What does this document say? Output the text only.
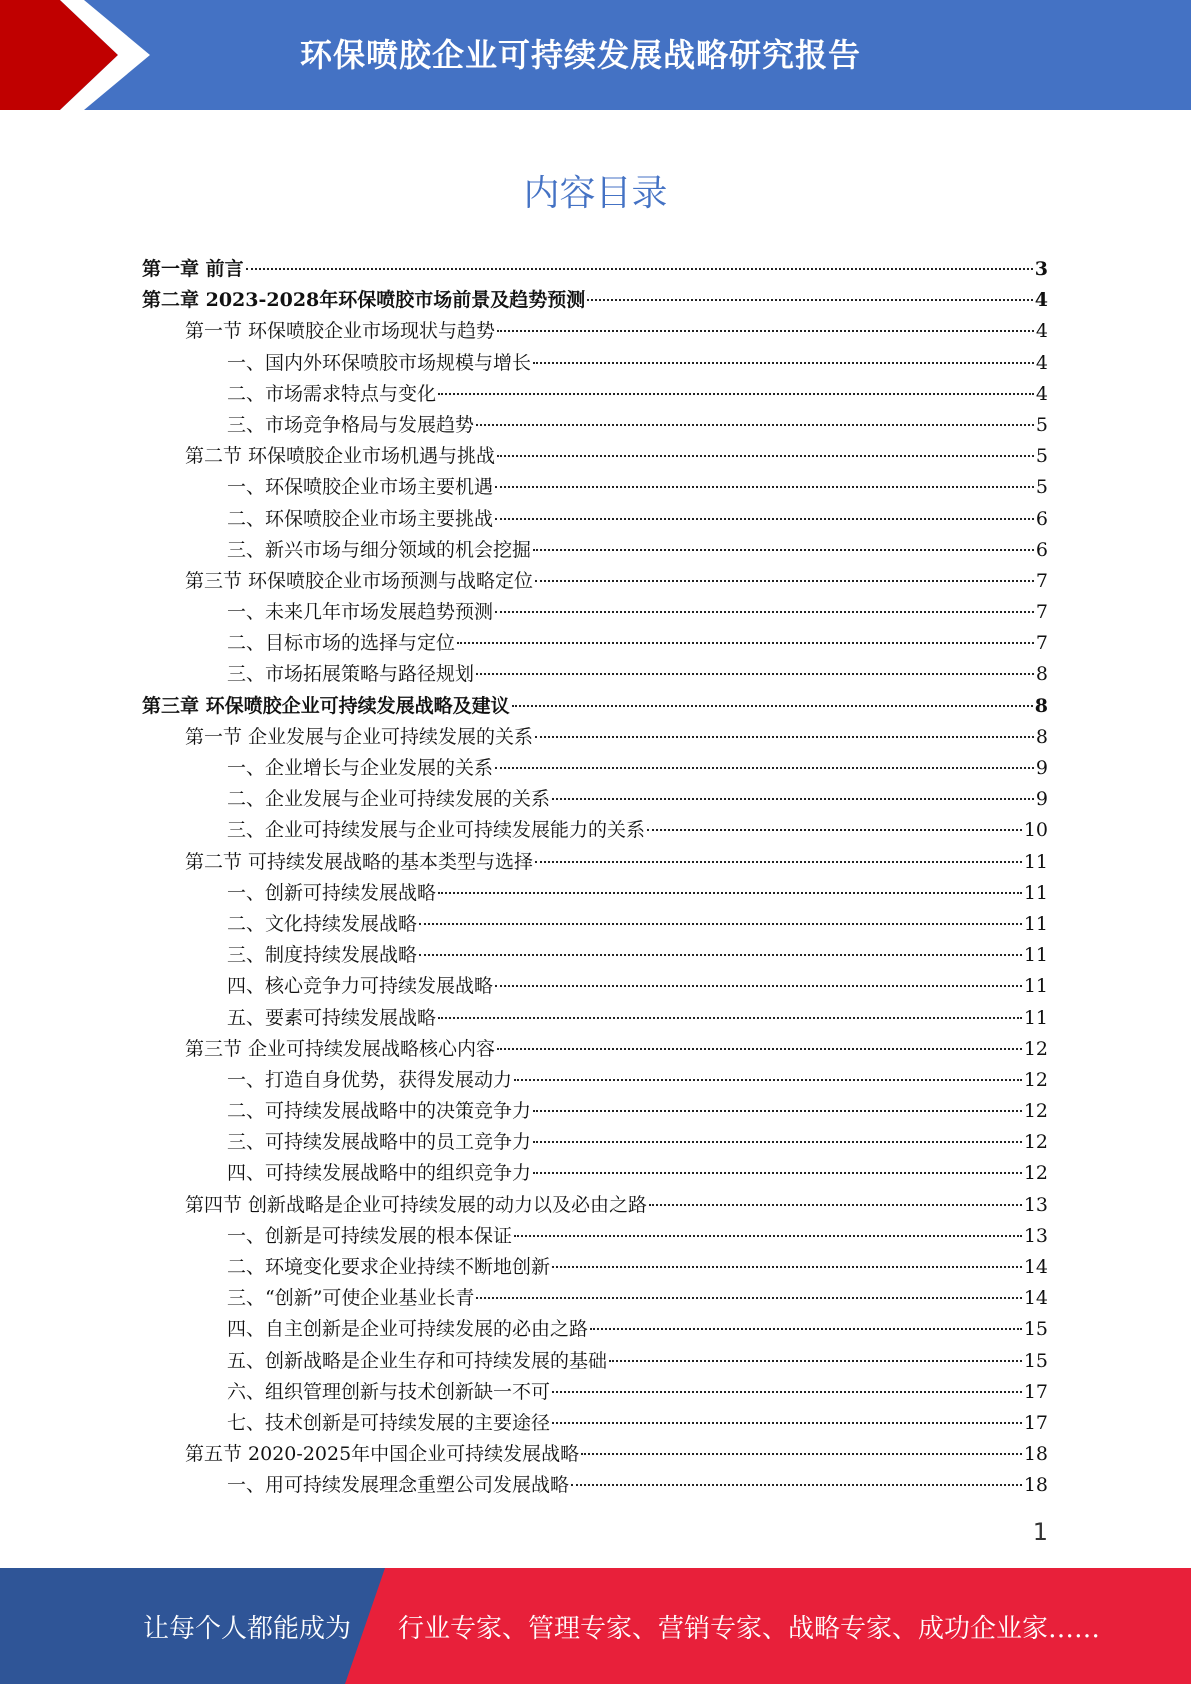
环保喷胶企业可持续发展战略研究报告
内容目录
第一章 前言	3
第二章 2023-2028年环保喷胶市场前景及趋势预测	4
第一节 环保喷胶企业市场现状与趋势	4
一、国内外环保喷胶市场规模与增长	4
二、市场需求特点与变化	4
三、市场竞争格局与发展趋势	5
第二节 环保喷胶企业市场机遇与挑战	5
一、环保喷胶企业市场主要机遇	5
二、环保喷胶企业市场主要挑战	6
三、新兴市场与细分领域的机会挖掘	6
第三节 环保喷胶企业市场预测与战略定位	7
一、未来几年市场发展趋势预测	7
二、目标市场的选择与定位	7
三、市场拓展策略与路径规划	8
第三章 环保喷胶企业可持续发展战略及建议	8
第一节 企业发展与企业可持续发展的关系	8
一、企业增长与企业发展的关系	9
二、企业发展与企业可持续发展的关系	9
三、企业可持续发展与企业可持续发展能力的关系	10
第二节 可持续发展战略的基本类型与选择	11
一、创新可持续发展战略	11
二、文化持续发展战略	11
三、制度持续发展战略	11
四、核心竞争力可持续发展战略	11
五、要素可持续发展战略	11
第三节 企业可持续发展战略核心内容	12
一、打造自身优势，获得发展动力	12
二、可持续发展战略中的决策竞争力	12
三、可持续发展战略中的员工竞争力	12
四、可持续发展战略中的组织竞争力	12
第四节 创新战略是企业可持续发展的动力以及必由之路	13
一、创新是可持续发展的根本保证	13
二、环境变化要求企业持续不断地创新	14
三、“创新”可使企业基业长青	14
四、自主创新是企业可持续发展的必由之路	15
五、创新战略是企业生存和可持续发展的基础	15
六、组织管理创新与技术创新缺一不可	17
七、技术创新是可持续发展的主要途径	17
第五节 2020-2025年中国企业可持续发展战略	18
一、用可持续发展理念重塑公司发展战略	18
1
让每个人都能成为 行业专家、管理专家、营销专家、战略专家、成功企业家……
